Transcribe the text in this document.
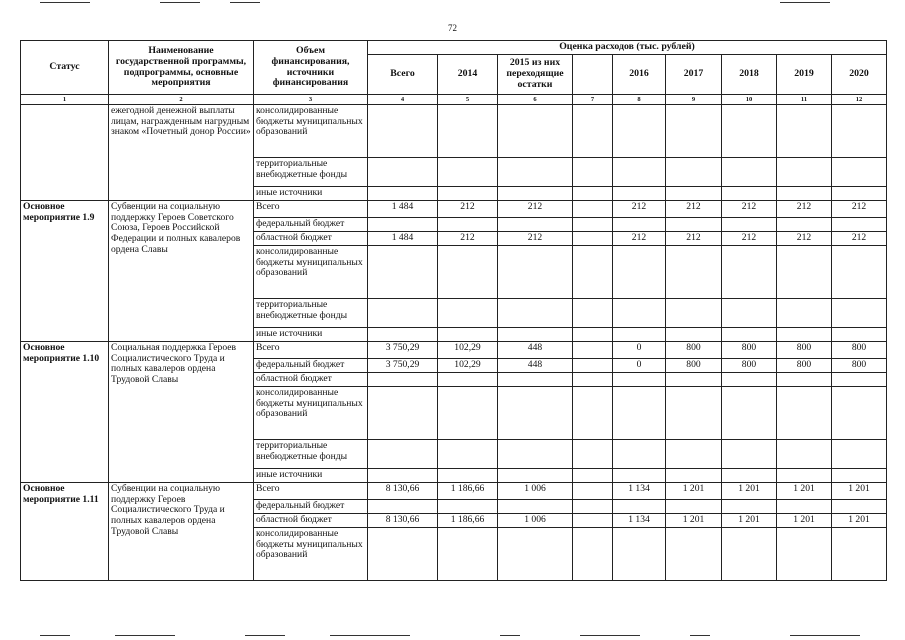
72
Статус	Наименование государственной программы, подпрограммы, основные мероприятия	Объем финансирования, источники финансирования	Оценка расходов (тыс. рублей)								
			Всего	2014	2015 из них переходящие остатки		2016	2017	2018	2019	2020
1	2	3	4	5	6	7	8	9	10	11	12
	ежегодной денежной выплаты лицам, награжденным нагрудным знаком «Почетный донор России»	консолидированные бюджеты муниципальных образований									
		территориальные внебюджетные фонды									
		иные источники									
Основное мероприятие 1.9	Субвенции на социальную поддержку Героев Советского Союза, Героев Российской Федерации и полных кавалеров ордена Славы	Всего	1 484	212	212		212	212	212	212	212
		федеральный бюджет									
		областной бюджет	1 484	212	212		212	212	212	212	212
		консолидированные бюджеты муниципальных образований									
		территориальные внебюджетные фонды									
		иные источники									
Основное мероприятие 1.10	Социальная поддержка Героев Социалистического Труда и полных кавалеров ордена Трудовой Славы	Всего	3 750,29	102,29	448		0	800	800	800	800
		федеральный бюджет	3 750,29	102,29	448		0	800	800	800	800
		областной бюджет									
		консолидированные бюджеты муниципальных образований									
		территориальные внебюджетные фонды									
		иные источники									
Основное мероприятие 1.11	Субвенции на социальную поддержку Героев Социалистического Труда и полных кавалеров ордена Трудовой Славы	Всего	8 130,66	1 186,66	1 006		1 134	1 201	1 201	1 201	1 201
		федеральный бюджет									
		областной бюджет	8 130,66	1 186,66	1 006		1 134	1 201	1 201	1 201	1 201
		консолидированные бюджеты муниципальных образований									
